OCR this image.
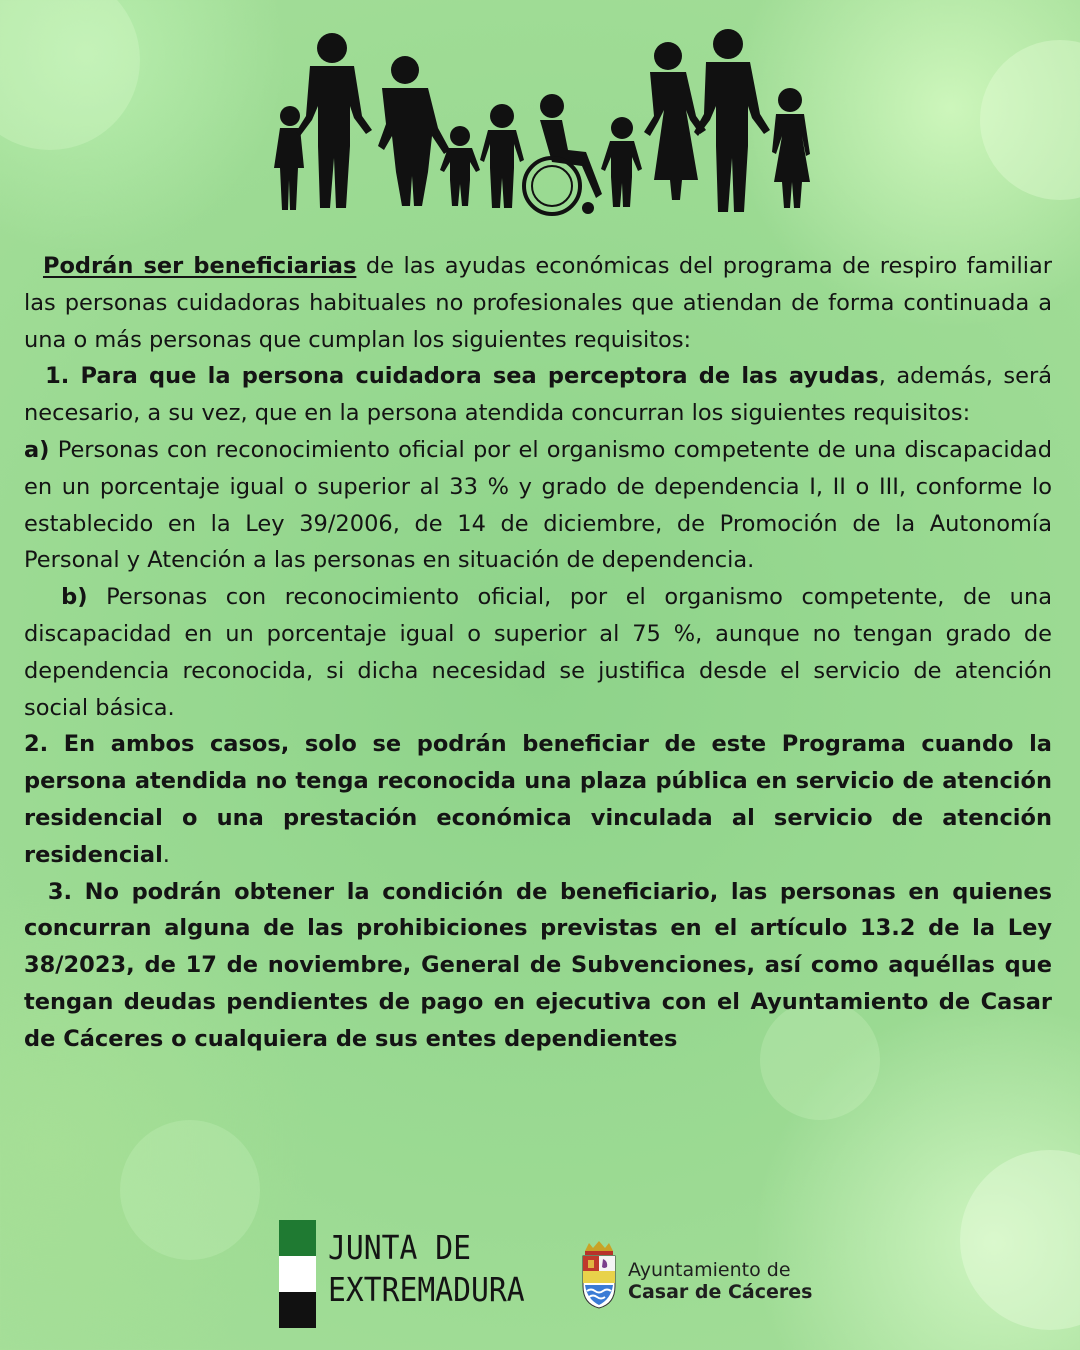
Podrán ser beneficiarias de las ayudas económicas del programa de respiro familiar las personas cuidadoras habituales no profesionales que atiendan de forma continuada a una o más personas que cumplan los siguientes requisitos:

1. Para que la persona cuidadora sea perceptora de las ayudas, además, será necesario, a su vez, que en la persona atendida concurran los siguientes requisitos:

a) Personas con reconocimiento oficial por el organismo competente de una discapacidad en un porcentaje igual o superior al 33 % y grado de dependencia I, II o III, conforme lo establecido en la Ley 39/2006, de 14 de diciembre, de Promoción de la Autonomía Personal y Atención a las personas en situación de dependencia.

b) Personas con reconocimiento oficial, por el organismo competente, de una discapacidad en un porcentaje igual o superior al 75 %, aunque no tengan grado de dependencia reconocida, si dicha necesidad se justifica desde el servicio de atención social básica.

2. En ambos casos, solo se podrán beneficiar de este Programa cuando la persona atendida no tenga reconocida una plaza pública en servicio de atención residencial o una prestación económica vinculada al servicio de atención residencial.

3. No podrán obtener la condición de beneficiario, las personas en quienes concurran alguna de las prohibiciones previstas en el artículo 13.2 de la Ley 38/2023, de 17 de noviembre, General de Subvenciones, así como aquéllas que tengan deudas pendientes de pago en ejecutiva con el Ayuntamiento de Casar de Cáceres o cualquiera de sus entes dependientes

JUNTA DE
EXTREMADURA	Ayuntamiento de
Casar de Cáceres
